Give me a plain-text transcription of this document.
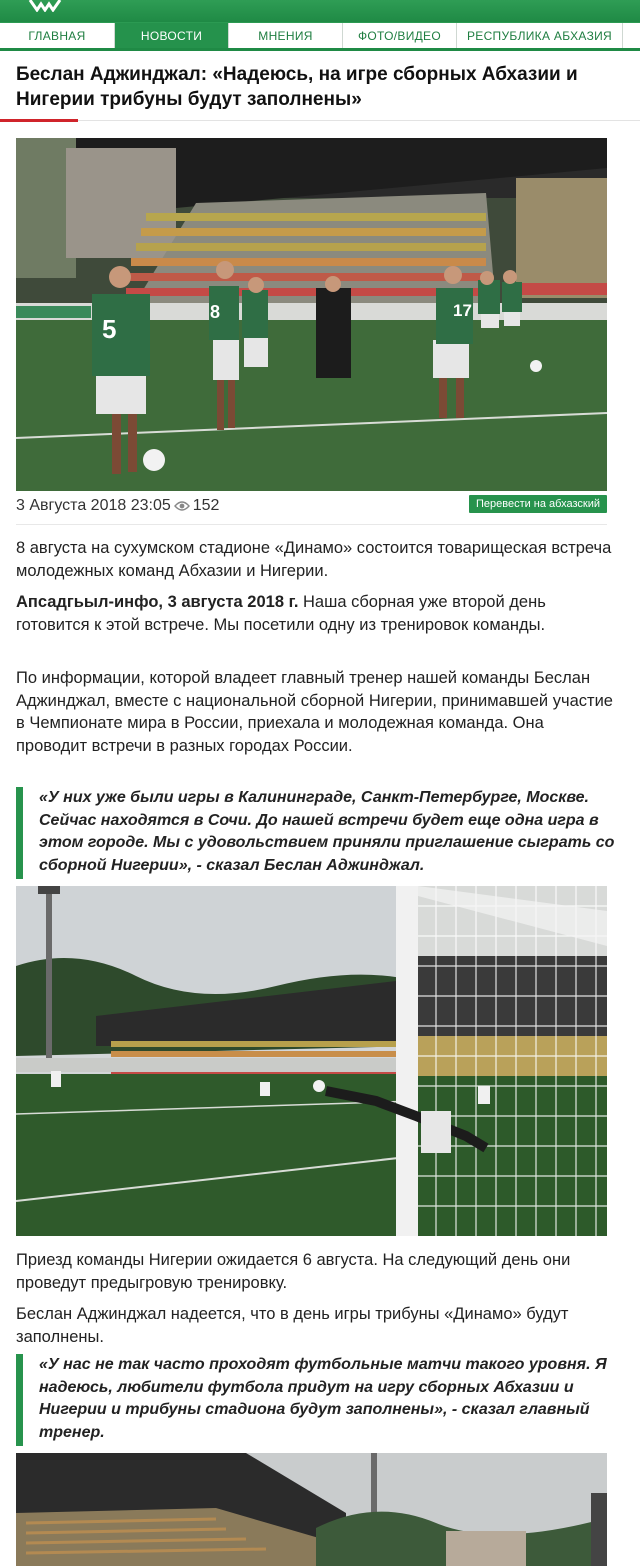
ГЛАВНАЯ	НОВОСТИ	МНЕНИЯ	ФОТО/ВИДЕО	РЕСПУБЛИКА АБХАЗИЯ
Беслан Аджинджал: «Надеюсь, на игре сборных Абхазии и Нигерии трибуны будут заполнены»
5
8	17
3 Августа 2018 23:05 152	Перевести на абхазский

8 августа на сухумском стадионе «Динамо» состоится товарищеская встреча молодежных команд Абхазии и Нигерии.

Апсадгьыл-инфо, 3 августа 2018 г. Наша сборная уже второй день готовится к этой встрече. Мы посетили одну из тренировок команды.

По информации, которой владеет главный тренер нашей команды Беслан Аджинджал, вместе с национальной сборной Нигерии, принимавшей участие в Чемпионате мира в России, приехала и молодежная команда. Она проводит встречи в разных городах России.

«У них уже были игры в Калининграде, Санкт-Петербурге, Москве. Сейчас находятся в Сочи. До нашей встречи будет еще одна игра в этом городе. Мы с удовольствием приняли приглашение сыграть со сборной Нигерии», - сказал Беслан Аджинджал.

Приезд команды Нигерии ожидается 6 августа. На следующий день они проведут предыгровую тренировку.

Беслан Аджинджал надеется, что в день игры трибуны «Динамо» будут заполнены.

«У нас не так часто проходят футбольные матчи такого уровня. Я надеюсь, любители футбола придут на игру сборных Абхазии и Нигерии и трибуны стадиона будут заполнены», - сказал главный тренер.
